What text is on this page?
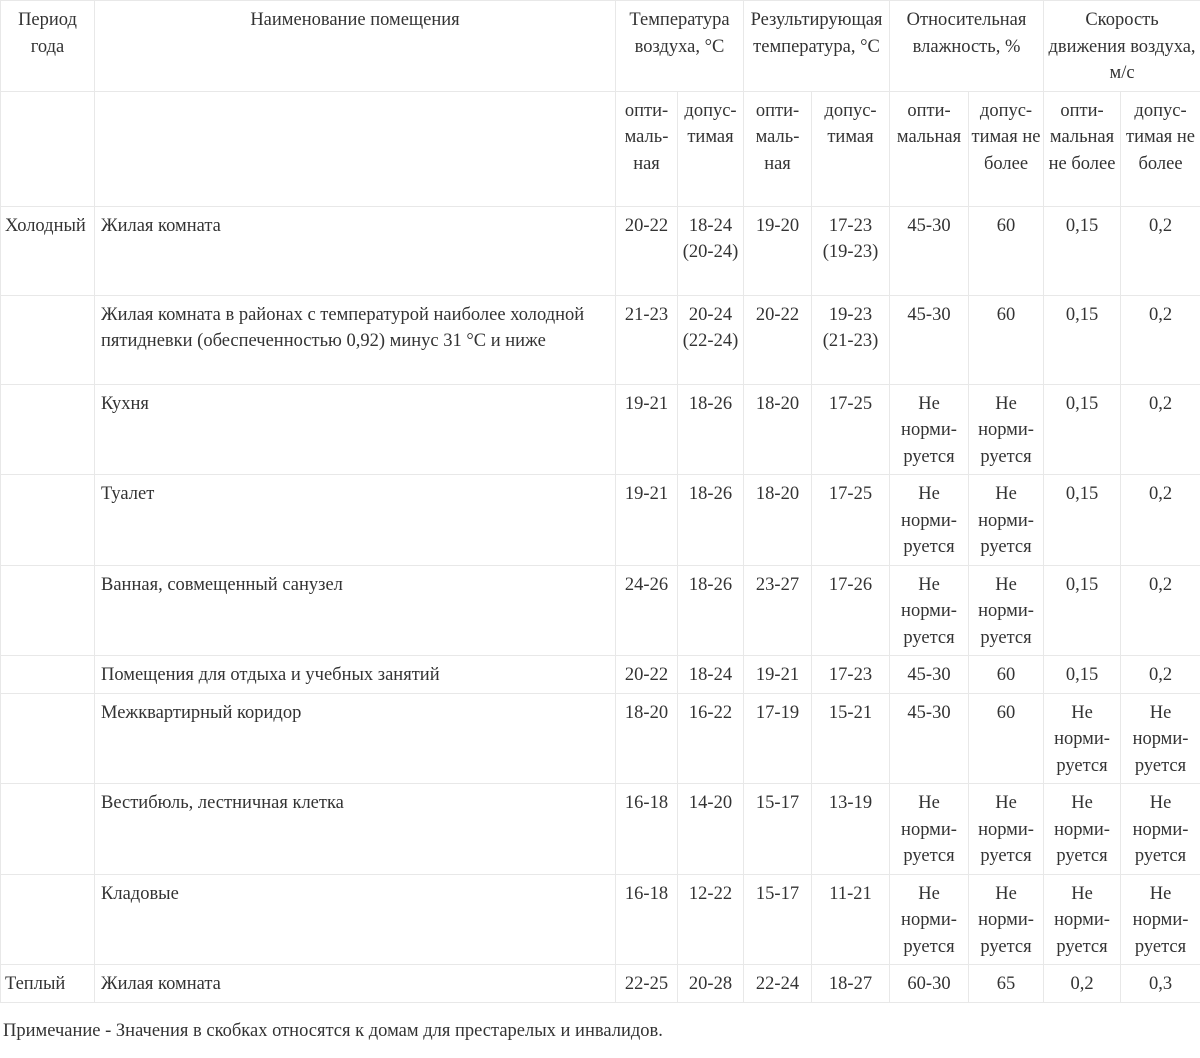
Период года	Наименование помещения	Температура воздуха, °С		Результирующая температура, °С		Относительная влажность, %		Скорость движения воздуха, м/с	
		опти-маль-ная	допус-тимая	опти-маль-ная	допус-тимая	опти-мальная	допус-тимая не более	опти-мальная не более	допус-тимая не более
Холодный	Жилая комната	20-22	18-24 (20-24)	19-20	17-23 (19-23)	45-30	60	0,15	0,2
	Жилая комната в районах с температурой наиболее холодной пятидневки (обеспеченностью 0,92) минус 31 °С и ниже	21-23	20-24 (22-24)	20-22	19-23 (21-23)	45-30	60	0,15	0,2
	Кухня	19-21	18-26	18-20	17-25	Не норми-руется	Не норми-руется	0,15	0,2
	Туалет	19-21	18-26	18-20	17-25	Не норми-руется	Не норми-руется	0,15	0,2
	Ванная, совмещенный санузел	24-26	18-26	23-27	17-26	Не норми-руется	Не норми-руется	0,15	0,2
	Помещения для отдыха и учебных занятий	20-22	18-24	19-21	17-23	45-30	60	0,15	0,2
	Межквартирный коридор	18-20	16-22	17-19	15-21	45-30	60	Не норми-руется	Не норми-руется
	Вестибюль, лестничная клетка	16-18	14-20	15-17	13-19	Не норми-руется	Не норми-руется	Не норми-руется	Не норми-руется
	Кладовые	16-18	12-22	15-17	11-21	Не норми-руется	Не норми-руется	Не норми-руется	Не норми-руется
Теплый	Жилая комната	22-25	20-28	22-24	18-27	60-30	65	0,2	0,3
Примечание - Значения в скобках относятся к домам для престарелых и инвалидов.
